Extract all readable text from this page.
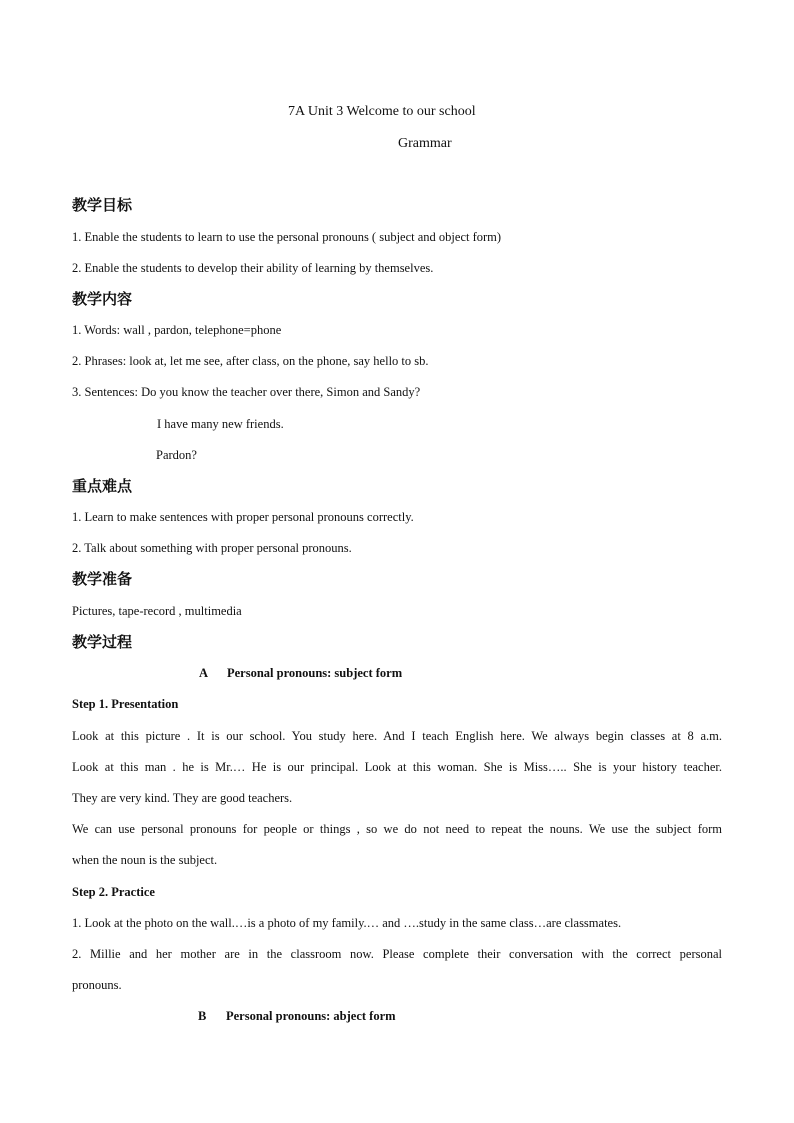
7A Unit 3 Welcome to our school
Grammar
教学目标
1. Enable the students to learn to use the personal pronouns ( subject and object form)
2. Enable the students to develop their ability of learning by themselves.
教学内容
1. Words: wall , pardon, telephone=phone
2. Phrases: look at, let me see, after class, on the phone, say hello to sb.
3. Sentences: Do you know the teacher over there, Simon and Sandy?
I have many new friends.
Pardon?
重点难点
1. Learn to make sentences with proper personal pronouns correctly.
2. Talk about something with proper personal pronouns.
教学准备
Pictures, tape-record , multimedia
教学过程
A Personal pronouns: subject form
Step 1. Presentation
Look at this picture . It is our school. You study here. And I teach English here. We always begin classes at 8 a.m.
Look at this man . he is Mr.… He is our principal. Look at this woman. She is Miss….. She is your history teacher.
They are very kind. They are good teachers.
We can use personal pronouns for people or things , so we do not need to repeat the nouns. We use the subject form
when the noun is the subject.
Step 2. Practice
1. Look at the photo on the wall.…is a photo of my family.… and ….study in the same class…are classmates.
2. Millie and her mother are in the classroom now. Please complete their conversation with the correct personal
pronouns.
B Personal pronouns: abject form
